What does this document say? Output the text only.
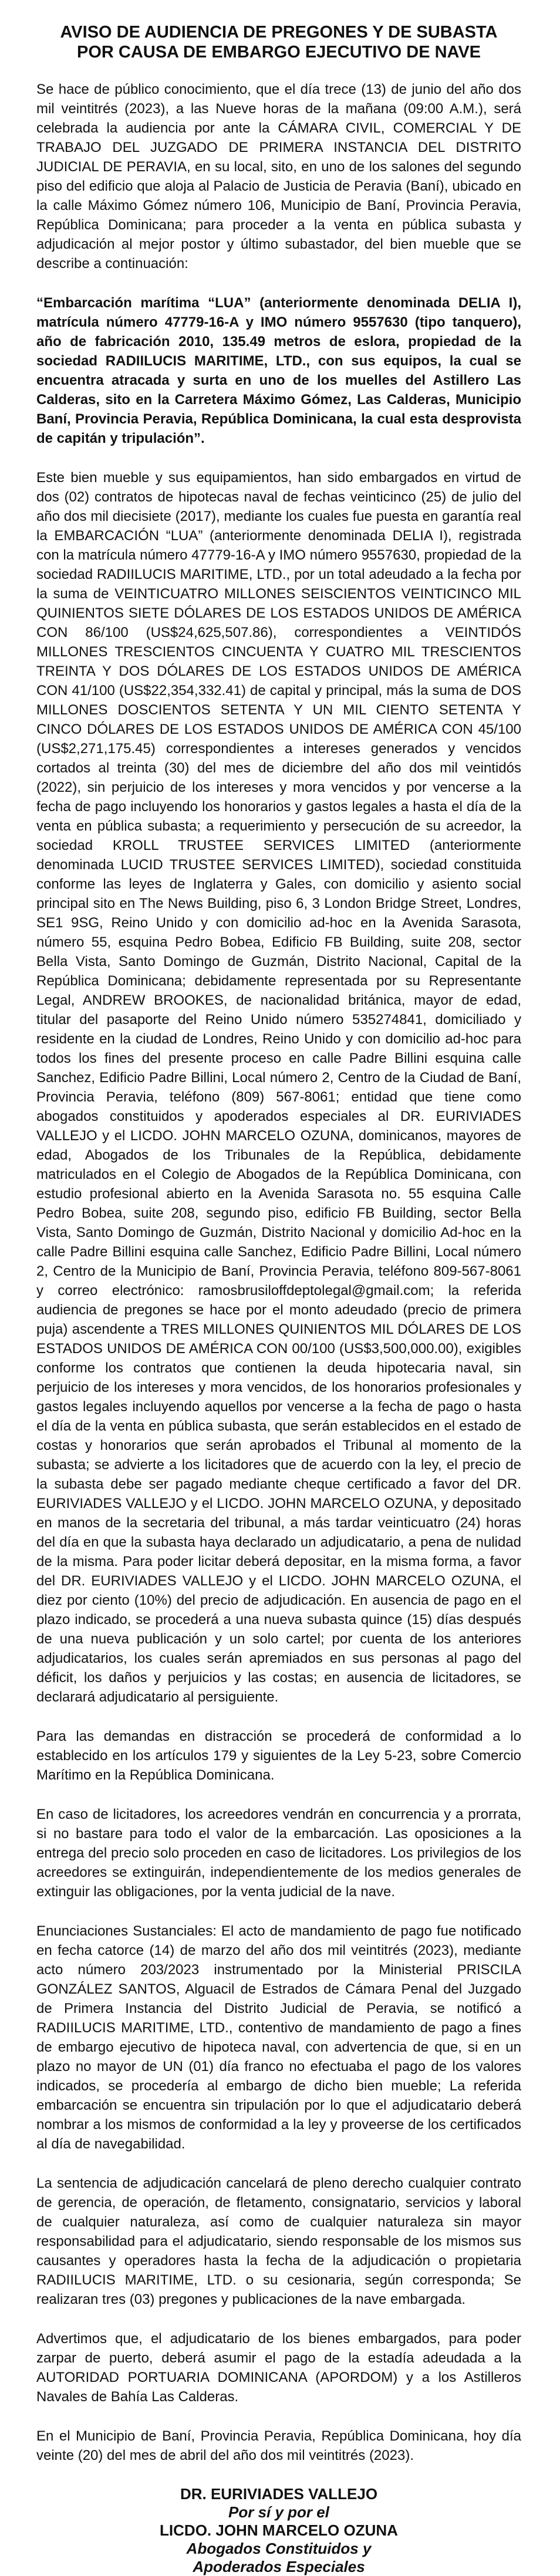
AVISO DE AUDIENCIA DE PREGONES Y DE SUBASTA
POR CAUSA DE EMBARGO EJECUTIVO DE NAVE

Se hace de público conocimiento, que el día trece (13) de junio del año dos mil veintitrés (2023), a las Nueve horas de la mañana (09:00 A.M.), será celebrada la audiencia por ante la CÁMARA CIVIL, COMERCIAL Y DE TRABAJO DEL JUZGADO DE PRIMERA INSTANCIA DEL DISTRITO JUDICIAL DE PERAVIA, en su local, sito, en uno de los salones del segundo piso del edificio que aloja al Palacio de Justicia de Peravia (Baní), ubicado en la calle Máximo Gómez número 106, Municipio de Baní, Provincia Peravia, República Dominicana; para proceder a la venta en pública subasta y adjudicación al mejor postor y último subastador, del bien mueble que se describe a continuación:

“Embarcación marítima “LUA” (anteriormente denominada DELIA I), matrícula número 47779-16-A y IMO número 9557630 (tipo tanquero), año de fabricación 2010, 135.49 metros de eslora, propiedad de la sociedad RADIILUCIS MARITIME, LTD., con sus equipos, la cual se encuentra atracada y surta en uno de los muelles del Astillero Las Calderas, sito en la Carretera Máximo Gómez, Las Calderas, Municipio Baní, Provincia Peravia, República Dominicana, la cual esta desprovista de capitán y tripulación”.

Este bien mueble y sus equipamientos, han sido embargados en virtud de dos (02) contratos de hipotecas naval de fechas veinticinco (25) de julio del año dos mil diecisiete (2017), mediante los cuales fue puesta en garantía real la EMBARCACIÓN “LUA” (anteriormente denominada DELIA I), registrada con la matrícula número 47779-16-A y IMO número 9557630, propiedad de la sociedad RADIILUCIS MARITIME, LTD., por un total adeudado a la fecha por la suma de VEINTICUATRO MILLONES SEISCIENTOS VEINTICINCO MIL QUINIENTOS SIETE DÓLARES DE LOS ESTADOS UNIDOS DE AMÉRICA CON 86/100 (US$24,625,507.86), correspondientes a VEINTIDÓS MILLONES TRESCIENTOS CINCUENTA Y CUATRO MIL TRESCIENTOS TREINTA Y DOS DÓLARES DE LOS ESTADOS UNIDOS DE AMÉRICA CON 41/100 (US$22,354,332.41) de capital y principal, más la suma de DOS MILLONES DOSCIENTOS SETENTA Y UN MIL CIENTO SETENTA Y CINCO DÓLARES DE LOS ESTADOS UNIDOS DE AMÉRICA CON 45/100 (US$2,271,175.45) correspondientes a intereses generados y vencidos cortados al treinta (30) del mes de diciembre del año dos mil veintidós (2022), sin perjuicio de los intereses y mora vencidos y por vencerse a la fecha de pago incluyendo los honorarios y gastos legales a hasta el día de la venta en pública subasta; a requerimiento y persecución de su acreedor, la sociedad KROLL TRUSTEE SERVICES LIMITED (anteriormente denominada LUCID TRUSTEE SERVICES LIMITED), sociedad constituida conforme las leyes de Inglaterra y Gales, con domicilio y asiento social principal sito en The News Building, piso 6, 3 London Bridge Street, Londres, SE1 9SG, Reino Unido y con domicilio ad-hoc en la Avenida Sarasota, número 55, esquina Pedro Bobea, Edificio FB Building, suite 208, sector Bella Vista, Santo Domingo de Guzmán, Distrito Nacional, Capital de la República Dominicana; debidamente representada por su Representante Legal, ANDREW BROOKES, de nacionalidad británica, mayor de edad, titular del pasaporte del Reino Unido número 535274841, domiciliado y residente en la ciudad de Londres, Reino Unido y con domicilio ad-hoc para todos los fines del presente proceso en calle Padre Billini esquina calle Sanchez, Edificio Padre Billini, Local número 2, Centro de la Ciudad de Baní, Provincia Peravia, teléfono (809) 567-8061; entidad que tiene como abogados constituidos y apoderados especiales al DR. EURIVIADES VALLEJO y el LICDO. JOHN MARCELO OZUNA, dominicanos, mayores de edad, Abogados de los Tribunales de la República, debidamente matriculados en el Colegio de Abogados de la República Dominicana, con estudio profesional abierto en la Avenida Sarasota no. 55 esquina Calle Pedro Bobea, suite 208, segundo piso, edificio FB Building, sector Bella Vista, Santo Domingo de Guzmán, Distrito Nacional y domicilio Ad-hoc en la calle Padre Billini esquina calle Sanchez, Edificio Padre Billini, Local número 2, Centro de la Municipio de Baní, Provincia Peravia, teléfono 809-567-8061 y correo electrónico: ramosbrusiloffdeptolegal@gmail.com; la referida audiencia de pregones se hace por el monto adeudado (precio de primera puja) ascendente a TRES MILLONES QUINIENTOS MIL DÓLARES DE LOS ESTADOS UNIDOS DE AMÉRICA CON 00/100 (US$3,500,000.00), exigibles conforme los contratos que contienen la deuda hipotecaria naval, sin perjuicio de los intereses y mora vencidos, de los honorarios profesionales y gastos legales incluyendo aquellos por vencerse a la fecha de pago o hasta el día de la venta en pública subasta, que serán establecidos en el estado de costas y honorarios que serán aprobados el Tribunal al momento de la subasta; se advierte a los licitadores que de acuerdo con la ley, el precio de la subasta debe ser pagado mediante cheque certificado a favor del DR. EURIVIADES VALLEJO y el LICDO. JOHN MARCELO OZUNA, y depositado en manos de la secretaria del tribunal, a más tardar veinticuatro (24) horas del día en que la subasta haya declarado un adjudicatario, a pena de nulidad de la misma. Para poder licitar deberá depositar, en la misma forma, a favor del DR. EURIVIADES VALLEJO y el LICDO. JOHN MARCELO OZUNA, el diez por ciento (10%) del precio de adjudicación. En ausencia de pago en el plazo indicado, se procederá a una nueva subasta quince (15) días después de una nueva publicación y un solo cartel; por cuenta de los anteriores adjudicatarios, los cuales serán apremiados en sus personas al pago del déficit, los daños y perjuicios y las costas; en ausencia de licitadores, se declarará adjudicatario al persiguiente.

Para las demandas en distracción se procederá de conformidad a lo establecido en los artículos 179 y siguientes de la Ley 5-23, sobre Comercio Marítimo en la República Dominicana.

En caso de licitadores, los acreedores vendrán en concurrencia y a prorrata, si no bastare para todo el valor de la embarcación. Las oposiciones a la entrega del precio solo proceden en caso de licitadores. Los privilegios de los acreedores se extinguirán, independientemente de los medios generales de extinguir las obligaciones, por la venta judicial de la nave.

Enunciaciones Sustanciales: El acto de mandamiento de pago fue notificado en fecha catorce (14) de marzo del año dos mil veintitrés (2023), mediante acto número 203/2023 instrumentado por la Ministerial PRISCILA GONZÁLEZ SANTOS, Alguacil de Estrados de Cámara Penal del Juzgado de Primera Instancia del Distrito Judicial de Peravia, se notificó a RADIILUCIS MARITIME, LTD., contentivo de mandamiento de pago a fines de embargo ejecutivo de hipoteca naval, con advertencia de que, si en un plazo no mayor de UN (01) día franco no efectuaba el pago de los valores indicados, se procedería al embargo de dicho bien mueble; La referida embarcación se encuentra sin tripulación por lo que el adjudicatario deberá nombrar a los mismos de conformidad a la ley y proveerse de los certificados al día de navegabilidad.

La sentencia de adjudicación cancelará de pleno derecho cualquier contrato de gerencia, de operación, de fletamento, consignatario, servicios y laboral de cualquier naturaleza, así como de cualquier naturaleza sin mayor responsabilidad para el adjudicatario, siendo responsable de los mismos sus causantes y operadores hasta la fecha de la adjudicación o propietaria RADIILUCIS MARITIME, LTD. o su cesionaria, según corresponda; Se realizaran tres (03) pregones y publicaciones de la nave embargada.

Advertimos que, el adjudicatario de los bienes embargados, para poder zarpar de puerto, deberá asumir el pago de la estadía adeudada a la AUTORIDAD PORTUARIA DOMINICANA (APORDOM) y a los Astilleros Navales de Bahía Las Calderas.

En el Municipio de Baní, Provincia Peravia, República Dominicana, hoy día veinte (20) del mes de abril del año dos mil veintitrés (2023).

DR. EURIVIADES VALLEJO
Por sí y por el
LICDO. JOHN MARCELO OZUNA
Abogados Constituidos y
Apoderados Especiales
